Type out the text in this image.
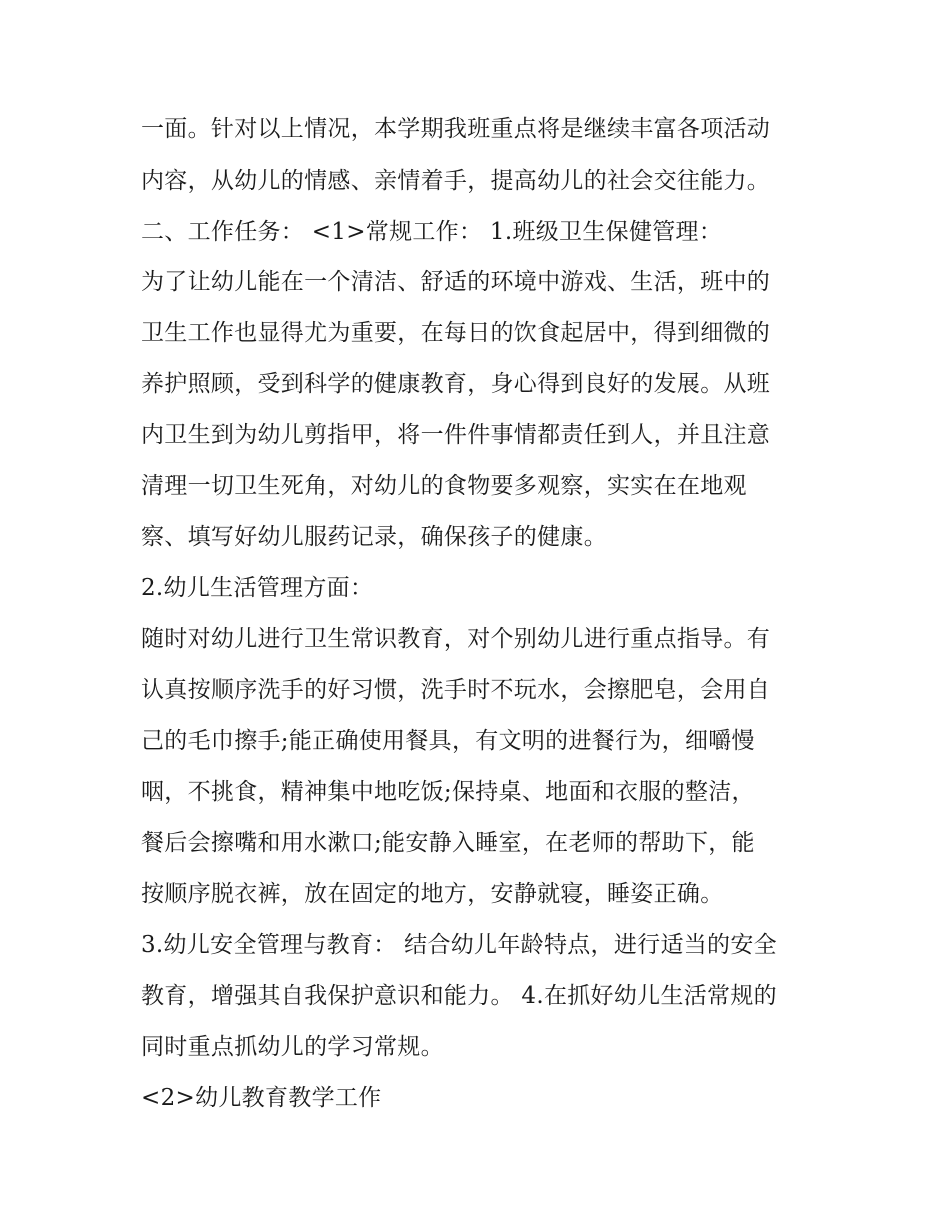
一面。针对以上情况，本学期我班重点将是继续丰富各项活动
内容，从幼儿的情感、亲情着手，提高幼儿的社会交往能力。
二、工作任务： <1>常规工作： 1.班级卫生保健管理：
为了让幼儿能在一个清洁、舒适的环境中游戏、生活，班中的
卫生工作也显得尤为重要，在每日的饮食起居中，得到细微的
养护照顾，受到科学的健康教育，身心得到良好的发展。从班
内卫生到为幼儿剪指甲，将一件件事情都责任到人，并且注意
清理一切卫生死角，对幼儿的食物要多观察，实实在在地观
察、填写好幼儿服药记录，确保孩子的健康。
2.幼儿生活管理方面：
随时对幼儿进行卫生常识教育，对个别幼儿进行重点指导。有
认真按顺序洗手的好习惯，洗手时不玩水，会擦肥皂，会用自
己的毛巾擦手;能正确使用餐具，有文明的进餐行为，细嚼慢
咽，不挑食，精神集中地吃饭;保持桌、地面和衣服的整洁，
餐后会擦嘴和用水漱口;能安静入睡室，在老师的帮助下，能
按顺序脱衣裤，放在固定的地方，安静就寝，睡姿正确。
3.幼儿安全管理与教育： 结合幼儿年龄特点，进行适当的安全
教育，增强其自我保护意识和能力。 4.在抓好幼儿生活常规的
同时重点抓幼儿的学习常规。
<2>幼儿教育教学工作
